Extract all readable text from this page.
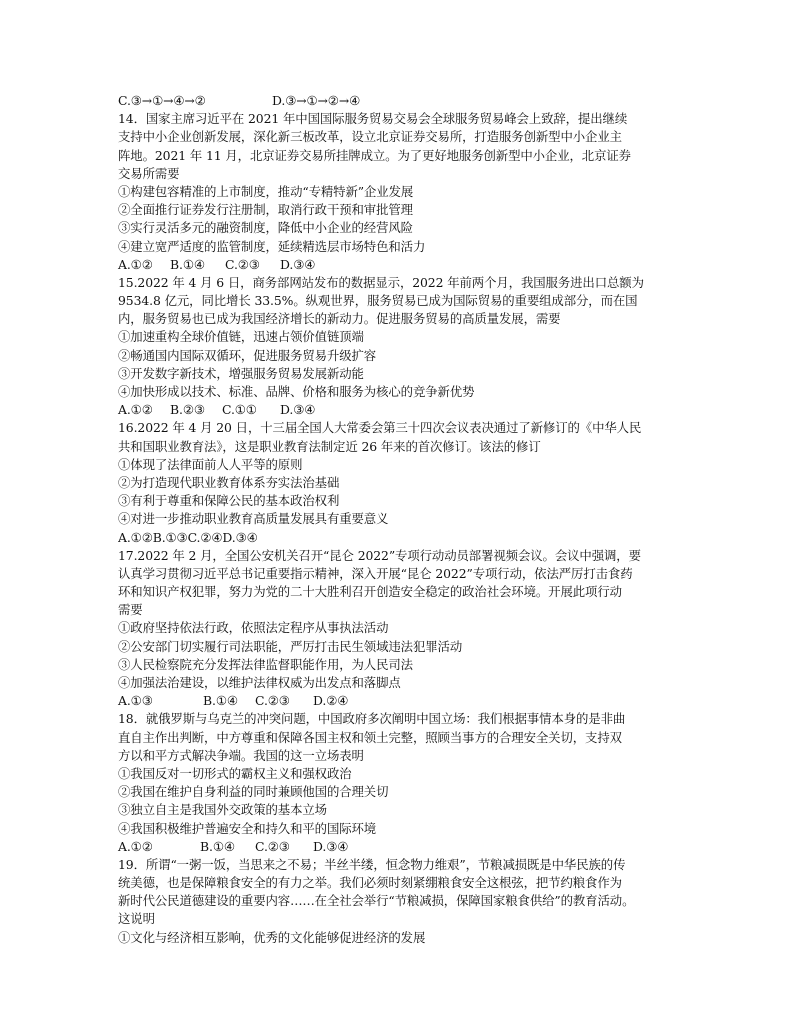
C.③→①→④→②	D.③→①→②→④
14．国家主席习近平在 2021 年中国国际服务贸易交易会全球服务贸易峰会上致辞，提出继续
支持中小企业创新发展，深化新三板改革，设立北京证券交易所，打造服务创新型中小企业主
阵地。2021 年 11 月，北京证券交易所挂牌成立。为了更好地服务创新型中小企业，北京证券
交易所需要
①构建包容精准的上市制度，推动“专精特新”企业发展
②全面推行证券发行注册制，取消行政干预和审批管理
③实行灵活多元的融资制度，降低中小企业的经营风险
④建立宽严适度的监管制度，延续精选层市场特色和活力
A.①②	B.①④	C.②③	D.③④
15.2022 年 4 月 6 日，商务部网站发布的数据显示，2022 年前两个月，我国服务进出口总额为
9534.8 亿元，同比增长 33.5%。纵观世界，服务贸易已成为国际贸易的重要组成部分，而在国
内，服务贸易也已成为我国经济增长的新动力。促进服务贸易的高质量发展，需要
①加速重构全球价值链，迅速占领价值链顶端
②畅通国内国际双循环，促进服务贸易升级扩容
③开发数字新技术，增强服务贸易发展新动能
④加快形成以技术、标准、品牌、价格和服务为核心的竞争新优势
A.①②	B.②③	C.①①	D.③④
16.2022 年 4 月 20 日，十三届全国人大常委会第三十四次会议表决通过了新修订的《中华人民
共和国职业教育法》，这是职业教育法制定近 26 年来的首次修订。该法的修订
①体现了法律面前人人平等的原则
②为打造现代职业教育体系夯实法治基础
③有利于尊重和保障公民的基本政治权利
④对进一步推动职业教育高质量发展具有重要意义
A.①②B.①③C.②④D.③④
17.2022 年 2 月，全国公安机关召开“昆仑 2022”专项行动动员部署视频会议。会议中强调，要
认真学习贯彻习近平总书记重要指示精神，深入开展“昆仑 2022”专项行动，依法严厉打击食药
环和知识产权犯罪，努力为党的二十大胜利召开创造安全稳定的政治社会环境。开展此项行动
需要
①政府坚持依法行政，依照法定程序从事执法活动
②公安部门切实履行司法职能，严厉打击民生领域违法犯罪活动
③人民检察院充分发挥法律监督职能作用，为人民司法
④加强法治建设，以维护法律权威为出发点和落脚点
A.①③	B.①④	C.②③	D.②④
18．就俄罗斯与乌克兰的冲突问题，中国政府多次阐明中国立场：我们根据事情本身的是非曲
直自主作出判断，中方尊重和保障各国主权和领土完整，照顾当事方的合理安全关切，支持双
方以和平方式解决争端。我国的这一立场表明
①我国反对一切形式的霸权主义和强权政治
②我国在维护自身利益的同时兼顾他国的合理关切
③独立自主是我国外交政策的基本立场
④我国积极维护普遍安全和持久和平的国际环境
A.①②	B.①④	C.②③	D.③④
19．所谓“一粥一饭，当思来之不易；半丝半缕，恒念物力维艰”，节粮减损既是中华民族的传
统美德，也是保障粮食安全的有力之举。我们必须时刻紧绷粮食安全这根弦，把节约粮食作为
新时代公民道德建设的重要内容……在全社会举行“节粮减损，保障国家粮食供给”的教育活动。
这说明
①文化与经济相互影响，优秀的文化能够促进经济的发展
